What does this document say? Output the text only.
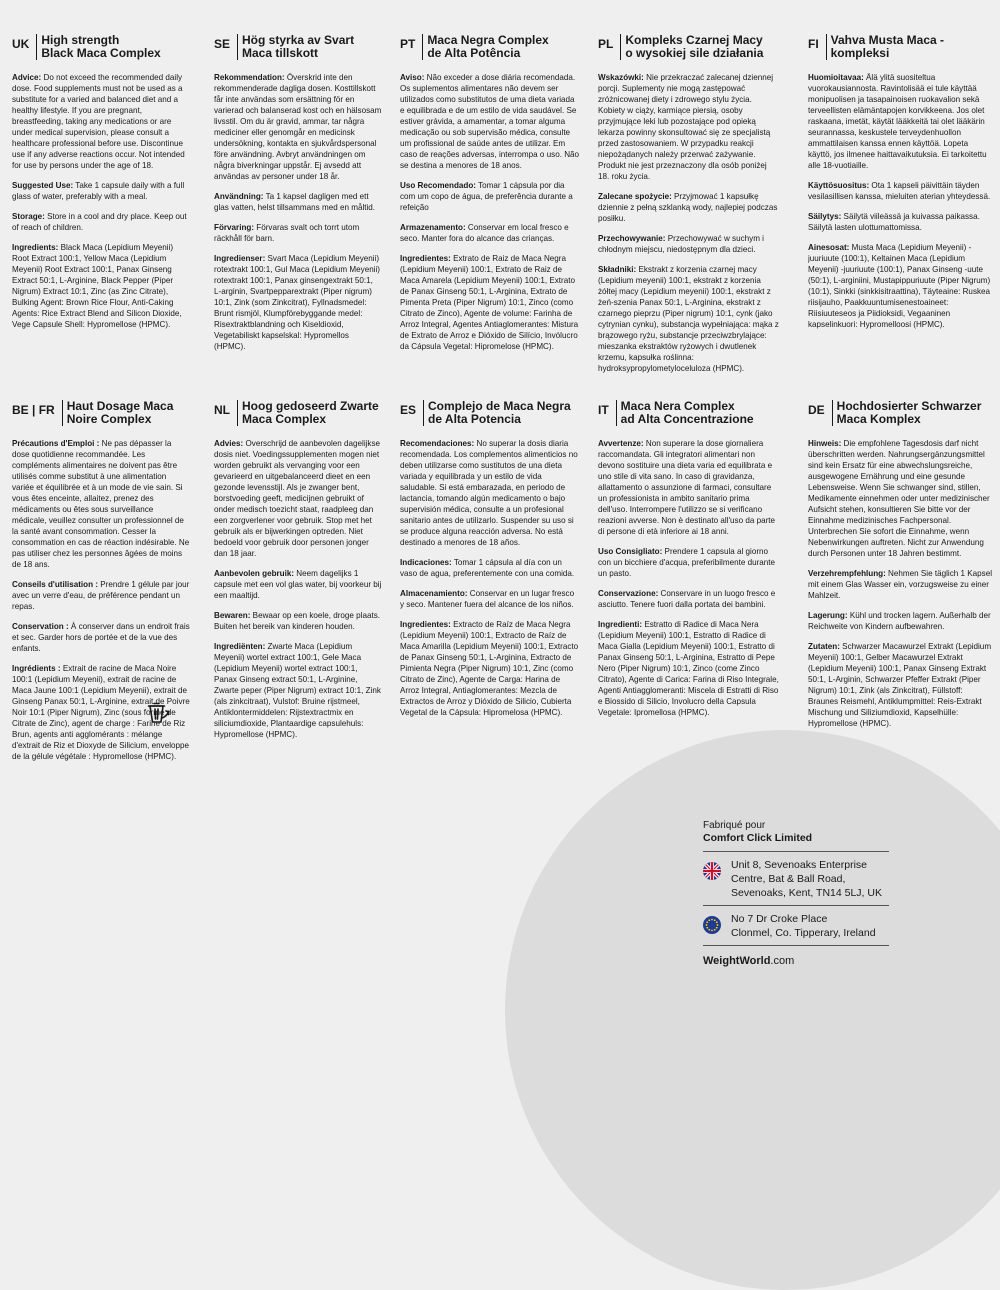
UK High strength
Black Maca Complex

Advice: Do not exceed the recommended daily dose. Food supplements must not be used as a substitute for a varied and balanced diet and a healthy lifestyle. If you are pregnant, breastfeeding, taking any medications or are under medical supervision, please consult a healthcare professional before use. Discontinue use if any adverse reactions occur. Not intended for use by persons under the age of 18.

Suggested Use: Take 1 capsule daily with a full glass of water, preferably with a meal.

Storage: Store in a cool and dry place. Keep out of reach of children.

Ingredients: Black Maca (Lepidium Meyenii) Root Extract 100:1, Yellow Maca (Lepidium Meyenii) Root Extract 100:1, Panax Ginseng Extract 50:1, L-Arginine, Black Pepper (Piper Nigrum) Extract 10:1, Zinc (as Zinc Citrate), Bulking Agent: Brown Rice Flour, Anti-Caking Agents: Rice Extract Blend and Silicon Dioxide, Vege Capsule Shell: Hypromellose (HPMC).

SE Hög styrka av Svart
Maca tillskott

Rekommendation: Överskrid inte den rekommenderade dagliga dosen. Kosttillskott får inte användas som ersättning för en varierad och balanserad kost och en hälsosam livsstil. Om du är gravid, ammar, tar några mediciner eller genomgår en medicinsk undersökning, kontakta en sjukvårdspersonal före användning. Avbryt användningen om några biverkningar uppstår. Ej avsedd att användas av personer under 18 år.

Användning: Ta 1 kapsel dagligen med ett glas vatten, helst tillsammans med en måltid.

Förvaring: Förvaras svalt och torrt utom räckhåll för barn.

Ingredienser: Svart Maca (Lepidium Meyenii) rotextrakt 100:1, Gul Maca (Lepidium Meyenii) rotextrakt 100:1, Panax ginsengextrakt 50:1, L-arginin, Svartpepparextrakt (Piper nigrum) 10:1, Zink (som Zinkcitrat), Fyllnadsmedel: Brunt rismjöl, Klumpförebyggande medel: Risextraktblandning och Kiseldioxid, Vegetabiliskt kapselskal: Hypromellos (HPMC).

PT Maca Negra Complex
de Alta Potência

Aviso: Não exceder a dose diária recomendada. Os suplementos alimentares não devem ser utilizados como substitutos de uma dieta variada e equilibrada e de um estilo de vida saudável. Se estiver grávida, a amamentar, a tomar alguma medicação ou sob supervisão médica, consulte um profissional de saúde antes de utilizar. Em caso de reações adversas, interrompa o uso. Não se destina a menores de 18 anos.

Uso Recomendado: Tomar 1 cápsula por dia com um copo de água, de preferência durante a refeição

Armazenamento: Conservar em local fresco e seco. Manter fora do alcance das crianças.

Ingredientes: Extrato de Raiz de Maca Negra (Lepidium Meyenii) 100:1, Extrato de Raiz de Maca Amarela (Lepidium Meyenii) 100:1, Extrato de Panax Ginseng 50:1, L-Arginina, Extrato de Pimenta Preta (Piper Nigrum) 10:1, Zinco (como Citrato de Zinco), Agente de volume: Farinha de Arroz Integral, Agentes Antiaglomerantes: Mistura de Extrato de Arroz e Dióxido de Silício, Invólucro da Cápsula Vegetal: Hipromelose (HPMC).

PL Kompleks Czarnej Macy
o wysokiej sile działania

Wskazówki: Nie przekraczać zalecanej dziennej porcji. Suplementy nie mogą zastępować zróżnicowanej diety i zdrowego stylu życia. Kobiety w ciąży, karmiące piersią, osoby przyjmujące leki lub pozostające pod opieką lekarza powinny skonsultować się ze specjalistą przed zastosowaniem. W przypadku reakcji niepożądanych należy przerwać zażywanie. Produkt nie jest przeznaczony dla osób poniżej 18. roku życia.

Zalecane spożycie: Przyjmować 1 kapsułkę dziennie z pełną szklanką wody, najlepiej podczas posiłku.

Przechowywanie: Przechowywać w suchym i chłodnym miejscu, niedostępnym dla dzieci.

Składniki: Ekstrakt z korzenia czarnej macy (Lepidium meyenii) 100:1, ekstrakt z korzenia żółtej macy (Lepidium meyenii) 100:1, ekstrakt z żeń-szenia Panax 50:1, L-Arginina, ekstrakt z czarnego pieprzu (Piper nigrum) 10:1, cynk (jako cytrynian cynku), substancja wypełniająca: mąka z brązowego ryżu, substancje przeciwzbrylające: mieszanka ekstraktów ryżowych i dwutlenek krzemu, kapsułka roślinna: hydroksypropylometyloceluloza (HPMC).

FI Vahva Musta Maca -kompleksi

Huomioitavaa: Älä ylitä suositeltua vuorokausiannosta. Ravintolisää ei tule käyttää monipuolisen ja tasapainoisen ruokavalion sekä terveellisten elämäntapojen korvikkeena. Jos olet raskaana, imetät, käytät lääkkeitä tai olet lääkärin seurannassa, keskustele terveydenhuollon ammattilaisen kanssa ennen käyttöä. Lopeta käyttö, jos ilmenee haittavaikutuksia. Ei tarkoitettu alle 18-vuotiaille.

Käyttösuositus: Ota 1 kapseli päivittäin täyden vesilasillisen kanssa, mieluiten aterian yhteydessä.

Säilytys: Säilytä viileässä ja kuivassa paikassa. Säilytä lasten ulottumattomissa.

Ainesosat: Musta Maca (Lepidium Meyenii) -juuriuute (100:1), Keltainen Maca (Lepidium Meyenii) -juuriuute (100:1), Panax Ginseng -uute (50:1), L-arginiini, Mustapippuriuute (Piper Nigrum) (10:1), Sinkki (sinkkisitraattina), Täyteaine: Ruskea riisijauho, Paakkuuntumisenestoaineet: Riisiuuteseos ja Piidioksidi, Vegaaninen kapselinkuori: Hypromelloosi (HPMC).

BE | FR Haut Dosage Maca
Noire Complex

Précautions d'Emploi : Ne pas dépasser la dose quotidienne recommandée. Les compléments alimentaires ne doivent pas être utilisés comme substitut à une alimentation variée et équilibrée et à un mode de vie sain. Si vous êtes enceinte, allaitez, prenez des médicaments ou êtes sous surveillance médicale, veuillez consulter un professionnel de la santé avant consommation. Cesser la consommation en cas de réaction indésirable. Ne pas utiliser chez les personnes âgées de moins de 18 ans.

Conseils d'utilisation : Prendre 1 gélule par jour avec un verre d'eau, de préférence pendant un repas.

Conservation : À conserver dans un endroit frais et sec. Garder hors de portée et de la vue des enfants.

Ingrédients : Extrait de racine de Maca Noire 100:1 (Lepidium Meyenii), extrait de racine de Maca Jaune 100:1 (Lepidium Meyenii), extrait de Ginseng Panax 50:1, L-Arginine, extrait de Poivre Noir 10:1 (Piper Nigrum), Zinc (sous forme de Citrate de Zinc), agent de charge : Farine de Riz Brun, agents anti agglomérants : mélange d'extrait de Riz et Dioxyde de Silicium, enveloppe de la gélule végétale : Hypromellose (HPMC).

NL Hoog gedoseerd Zwarte
Maca Complex

Advies: Overschrijd de aanbevolen dagelijkse dosis niet. Voedingssupplementen mogen niet worden gebruikt als vervanging voor een gevarieerd en uitgebalanceerd dieet en een gezonde levensstijl. Als je zwanger bent, borstvoeding geeft, medicijnen gebruikt of onder medisch toezicht staat, raadpleeg dan een zorgverlener voor gebruik. Stop met het gebruik als er bijwerkingen optreden. Niet bedoeld voor gebruik door personen jonger dan 18 jaar.

Aanbevolen gebruik: Neem dagelijks 1 capsule met een vol glas water, bij voorkeur bij een maaltijd.

Bewaren: Bewaar op een koele, droge plaats. Buiten het bereik van kinderen houden.

Ingrediënten: Zwarte Maca (Lepidium Meyenii) wortel extract 100:1, Gele Maca (Lepidium Meyenii) wortel extract 100:1, Panax Ginseng extract 50:1, L-Arginine, Zwarte peper (Piper Nigrum) extract 10:1, Zink (als zinkcitraat), Vulstof: Bruine rijstmeel, Antiklontermiddelen: Rijstextractmix en siliciumdioxide, Plantaardige capsulehuls: Hypromellose (HPMC).

ES Complejo de Maca Negra
de Alta Potencia

Recomendaciones: No superar la dosis diaria recomendada. Los complementos alimenticios no deben utilizarse como sustitutos de una dieta variada y equilibrada y un estilo de vida saludable. Si está embarazada, en periodo de lactancia, tomando algún medicamento o bajo supervisión médica, consulte a un profesional sanitario antes de utilizarlo. Suspender su uso si se produce alguna reacción adversa. No está destinado a menores de 18 años.

Indicaciones: Tomar 1 cápsula al día con un vaso de agua, preferentemente con una comida.

Almacenamiento: Conservar en un lugar fresco y seco. Mantener fuera del alcance de los niños.

Ingredientes: Extracto de Raíz de Maca Negra (Lepidium Meyenii) 100:1, Extracto de Raíz de Maca Amarilla (Lepidium Meyenii) 100:1, Extracto de Panax Ginseng 50:1, L-Arginina, Extracto de Pimienta Negra (Piper Nigrum) 10:1, Zinc (como Citrato de Zinc), Agente de Carga: Harina de Arroz Integral, Antiaglomerantes: Mezcla de Extractos de Arroz y Dióxido de Silicio, Cubierta Vegetal de la Cápsula: Hipromelosa (HPMC).

IT Maca Nera Complex
ad Alta Concentrazione

Avvertenze: Non superare la dose giornaliera raccomandata. Gli integratori alimentari non devono sostituire una dieta varia ed equilibrata e uno stile di vita sano. In caso di gravidanza, allattamento o assunzione di farmaci, consultare un professionista in ambito sanitario prima dell'uso. Interrompere l'utilizzo se si verificano reazioni avverse. Non è destinato all'uso da parte di persone di età inferiore ai 18 anni.

Uso Consigliato: Prendere 1 capsula al giorno con un bicchiere d'acqua, preferibilmente durante un pasto.

Conservazione: Conservare in un luogo fresco e asciutto. Tenere fuori dalla portata dei bambini.

Ingredienti: Estratto di Radice di Maca Nera (Lepidium Meyenii) 100:1, Estratto di Radice di Maca Gialla (Lepidium Meyenii) 100:1, Estratto di Panax Ginseng 50:1, L-Arginina, Estratto di Pepe Nero (Piper Nigrum) 10:1, Zinco (come Zinco Citrato), Agente di Carica: Farina di Riso Integrale, Agenti Antiagglomeranti: Miscela di Estratti di Riso e Biossido di Silicio, Involucro della Capsula Vegetale: Ipromellosa (HPMC).

DE Hochdosierter Schwarzer
Maca Komplex

Hinweis: Die empfohlene Tagesdosis darf nicht überschritten werden. Nahrungsergänzungsmittel sind kein Ersatz für eine abwechslungsreiche, ausgewogene Ernährung und eine gesunde Lebensweise. Wenn Sie schwanger sind, stillen, Medikamente einnehmen oder unter medizinischer Aufsicht stehen, konsultieren Sie bitte vor der Einnahme medizinisches Fachpersonal. Unterbrechen Sie sofort die Einnahme, wenn Nebenwirkungen auftreten. Nicht zur Anwendung durch Personen unter 18 Jahren bestimmt.

Verzehrempfehlung: Nehmen Sie täglich 1 Kapsel mit einem Glas Wasser ein, vorzugsweise zu einer Mahlzeit.

Lagerung: Kühl und trocken lagern. Außerhalb der Reichweite von Kindern aufbewahren.

Zutaten: Schwarzer Macawurzel Extrakt (Lepidium Meyenii) 100:1, Gelber Macawurzel Extrakt (Lepidium Meyenii) 100:1, Panax Ginseng Extrakt 50:1, L-Arginin, Schwarzer Pfeffer Extrakt (Piper Nigrum) 10:1, Zink (als Zinkcitrat), Füllstoff: Braunes Reismehl, Antiklumpmittel: Reis-Extrakt Mischung und Siliziumdioxid, Kapselhülle: Hypromellose (HPMC).

Fabriqué pour
Comfort Click Limited
Unit 8, Sevenoaks Enterprise
Centre, Bat & Ball Road,
Sevenoaks, Kent, TN14 5LJ, UK
No 7 Dr Croke Place
Clonmel, Co. Tipperary, Ireland
WeightWorld.com
